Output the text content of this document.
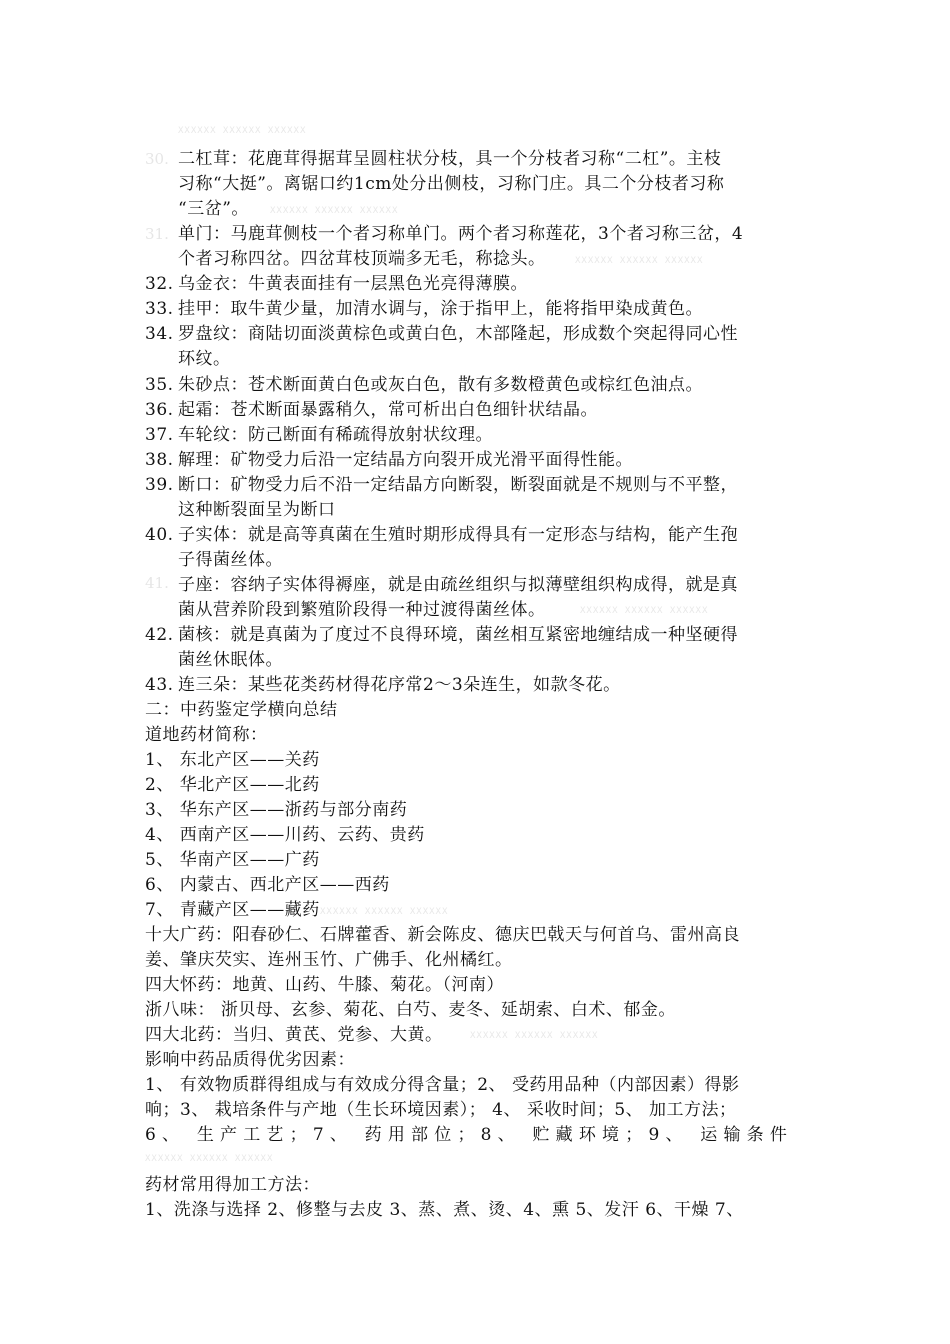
XXXXXX XXXXXX XXXXXX
XXXXXX XXXXXX XXXXXX
XXXXXX XXXXXX XXXXXX
XXXXXX XXXXXX XXXXXX
XXXXXX XXXXXX XXXXXX
XXXXXX XXXXXX XXXXXX
XXXXXX XXXXXX XXXXXX
30.
31.
41.
二杠茸：花鹿茸得据茸呈圆柱状分枝，具一个分枝者习称“二杠”。主枝
习称“大挺”。离锯口约1cm处分出侧枝，习称门庄。具二个分枝者习称
“三岔”。
单门：马鹿茸侧枝一个者习称单门。两个者习称莲花，3个者习称三岔，4
个者习称四岔。四岔茸枝顶端多无毛，称捻头。
32. 乌金衣：牛黄表面挂有一层黑色光亮得薄膜。
33. 挂甲：取牛黄少量，加清水调与，涂于指甲上，能将指甲染成黄色。
34. 罗盘纹：商陆切面淡黄棕色或黄白色，木部隆起，形成数个突起得同心性
环纹。
35. 朱砂点：苍术断面黄白色或灰白色，散有多数橙黄色或棕红色油点。
36. 起霜：苍术断面暴露稍久，常可析出白色细针状结晶。
37. 车轮纹：防己断面有稀疏得放射状纹理。
38. 解理：矿物受力后沿一定结晶方向裂开成光滑平面得性能。
39. 断口：矿物受力后不沿一定结晶方向断裂，断裂面就是不规则与不平整，
这种断裂面呈为断口
40. 子实体：就是高等真菌在生殖时期形成得具有一定形态与结构，能产生孢
子得菌丝体。
子座：容纳子实体得褥座，就是由疏丝组织与拟薄壁组织构成得，就是真
菌从营养阶段到繁殖阶段得一种过渡得菌丝体。
42. 菌核：就是真菌为了度过不良得环境，菌丝相互紧密地缠结成一种坚硬得
菌丝休眠体。
43. 连三朵：某些花类药材得花序常2～3朵连生，如款冬花。
二：中药鉴定学横向总结
道地药材简称：
1、 东北产区——关药
2、 华北产区——北药
3、 华东产区——浙药与部分南药
4、 西南产区——川药、云药、贵药
5、 华南产区——广药
6、 内蒙古、西北产区——西药
7、 青藏产区——藏药
十大广药：阳春砂仁、石牌藿香、新会陈皮、德庆巴戟天与何首乌、雷州高良
姜、肇庆芡实、连州玉竹、广佛手、化州橘红。
四大怀药：地黄、山药、牛膝、菊花。（河南）
浙八味： 浙贝母、玄参、菊花、白芍、麦冬、延胡索、白术、郁金。
四大北药：当归、黄芪、党参、大黄。
影响中药品质得优劣因素：
1、 有效物质群得组成与有效成分得含量；2、 受药用品种（内部因素）得影
响；3、 栽培条件与产地（生长环境因素）； 4、 采收时间；5、 加工方法；
6、 生产工艺；7、 药用部位；8、 贮藏环境；9、 运输条件
药材常用得加工方法：
1、洗涤与选择 2、修整与去皮 3、蒸、煮、烫、4、熏 5、发汗 6、干燥 7、
